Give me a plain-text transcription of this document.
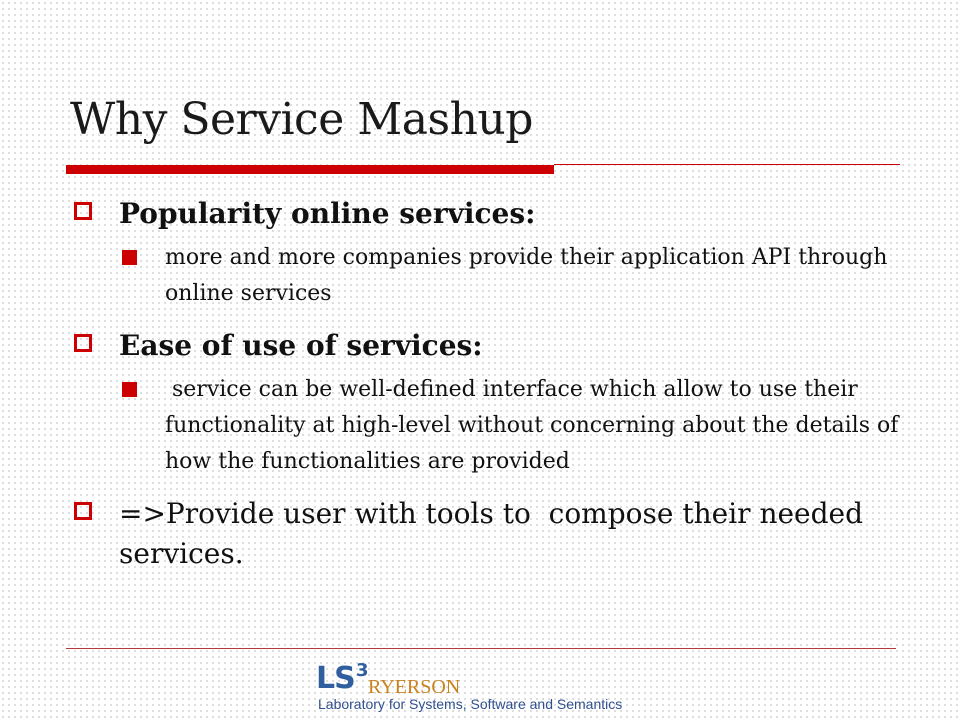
Why Service Mashup
Popularity online services:
more and more companies provide their application API through online services
Ease of use of services:
service can be well-defined interface which allow to use their functionality at high-level without concerning about the details of how the functionalities are provided
=>Provide user with tools to  compose their needed services.
LS 3
RYERSON
Laboratory for Systems, Software and Semantics
